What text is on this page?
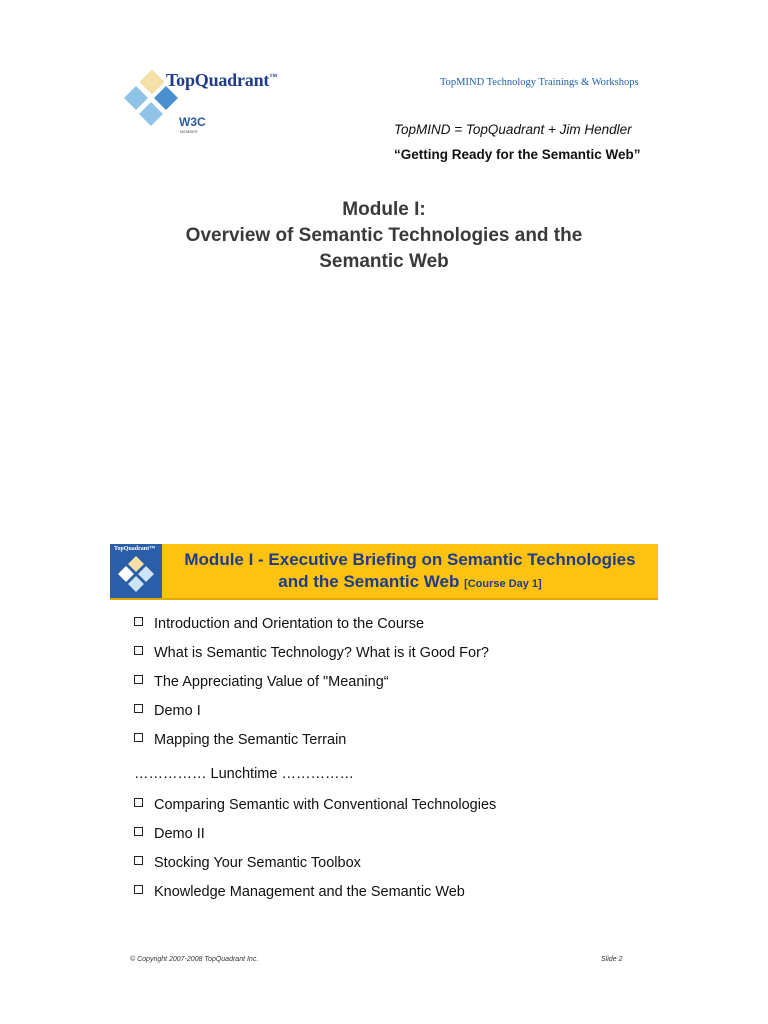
TopQuadrant™
W3C
MEMBER
TopMIND Technology Trainings & Workshops
TopMIND = TopQuadrant + Jim Hendler
“Getting Ready for the Semantic Web”
Module I:
Overview of Semantic Technologies and the
Semantic Web
TopQuadrant™
Module I - Executive Briefing on Semantic Technologies
and the Semantic Web [Course Day 1]
Introduction and Orientation to the Course
What is Semantic Technology? What is it Good For?
The Appreciating Value of "Meaning“
Demo I
Mapping the Semantic Terrain
…………… Lunchtime ……………
Comparing Semantic with Conventional Technologies
Demo II
Stocking Your Semantic Toolbox
Knowledge Management and the Semantic Web
© Copyright 2007-2008 TopQuadrant Inc.	Slide 2
